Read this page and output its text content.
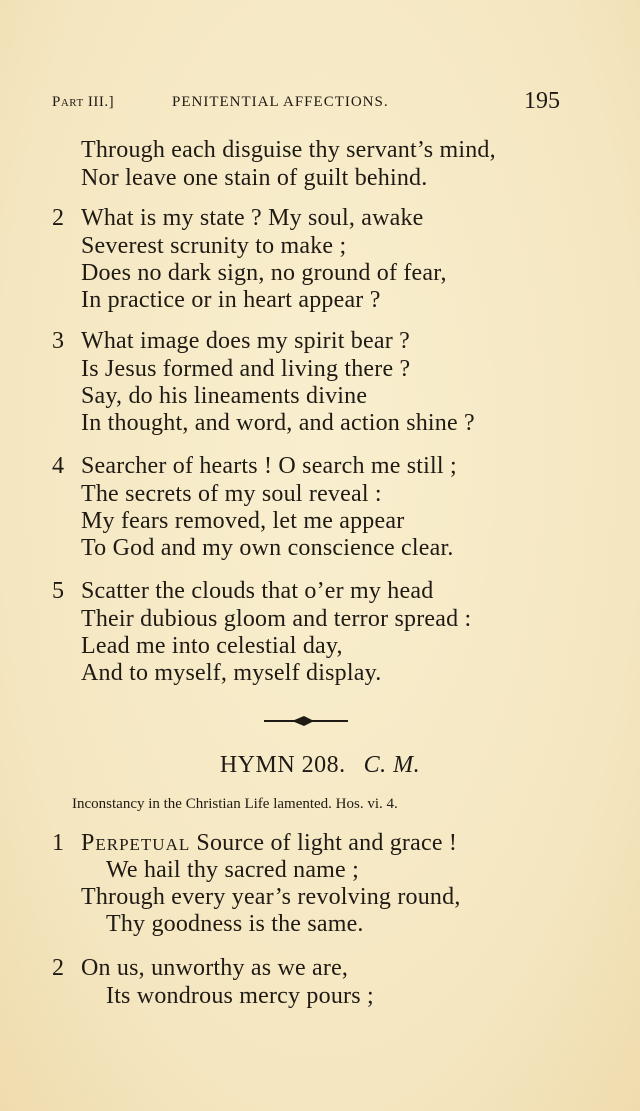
Part III.]	PENITENTIAL AFFECTIONS.	195
Through each disguise thy servant’s mind,
Nor leave one stain of guilt behind.
2 What is my state ? My soul, awake
Severest scrunity to make ;
Does no dark sign, no ground of fear,
In practice or in heart appear ?
3 What image does my spirit bear ?
Is Jesus formed and living there ?
Say, do his lineaments divine
In thought, and word, and action shine ?
4 Searcher of hearts ! O search me still ;
The secrets of my soul reveal :
My fears removed, let me appear
To God and my own conscience clear.
5 Scatter the clouds that o’er my head
Their dubious gloom and terror spread :
Lead me into celestial day,
And to myself, myself display.
HYMN 208. C. M.
Inconstancy in the Christian Life lamented. Hos. vi. 4.
1 Perpetual Source of light and grace !
We hail thy sacred name ;
Through every year’s revolving round,
Thy goodness is the same.
2 On us, unworthy as we are,
Its wondrous mercy pours ;
